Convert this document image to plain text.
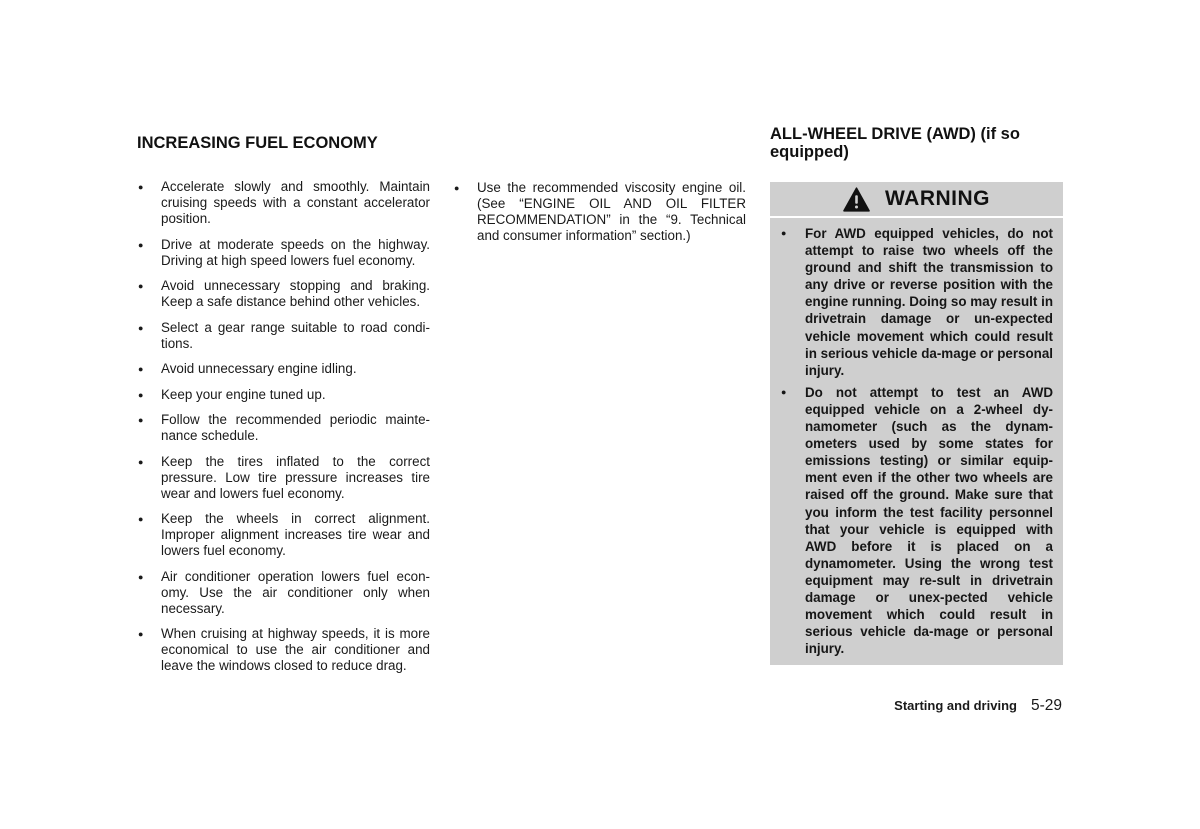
INCREASING FUEL ECONOMY
● Accelerate slowly and smoothly. Maintain cruising speeds with a constant accelerator position.
● Drive at moderate speeds on the highway. Driving at high speed lowers fuel economy.
● Avoid unnecessary stopping and braking. Keep a safe distance behind other vehicles.
● Select a gear range suitable to road condi-tions.
● Avoid unnecessary engine idling.
● Keep your engine tuned up.
● Follow the recommended periodic mainte-nance schedule.
● Keep the tires inflated to the correct pressure. Low tire pressure increases tire wear and lowers fuel economy.
● Keep the wheels in correct alignment. Improper alignment increases tire wear and lowers fuel economy.
● Air conditioner operation lowers fuel econ-omy. Use the air conditioner only when necessary.
● When cruising at highway speeds, it is more economical to use the air conditioner and leave the windows closed to reduce drag.
● Use the recommended viscosity engine oil. (See “ENGINE OIL AND OIL FILTER RECOMMENDATION” in the “9. Technical and consumer information” section.)
ALL-WHEEL DRIVE (AWD) (if so equipped)
WARNING
● For AWD equipped vehicles, do not attempt to raise two wheels off the ground and shift the transmission to any drive or reverse position with the engine running. Doing so may result in drivetrain damage or un-expected vehicle movement which could result in serious vehicle da-mage or personal injury.
● Do not attempt to test an AWD equipped vehicle on a 2-wheel dy-namometer (such as the dynam-ometers used by some states for emissions testing) or similar equip-ment even if the other two wheels are raised off the ground. Make sure that you inform the test facility personnel that your vehicle is equipped with AWD before it is placed on a dynamometer. Using the wrong test equipment may re-sult in drivetrain damage or unex-pected vehicle movement which could result in serious vehicle da-mage or personal injury.
Starting and driving 5-29
